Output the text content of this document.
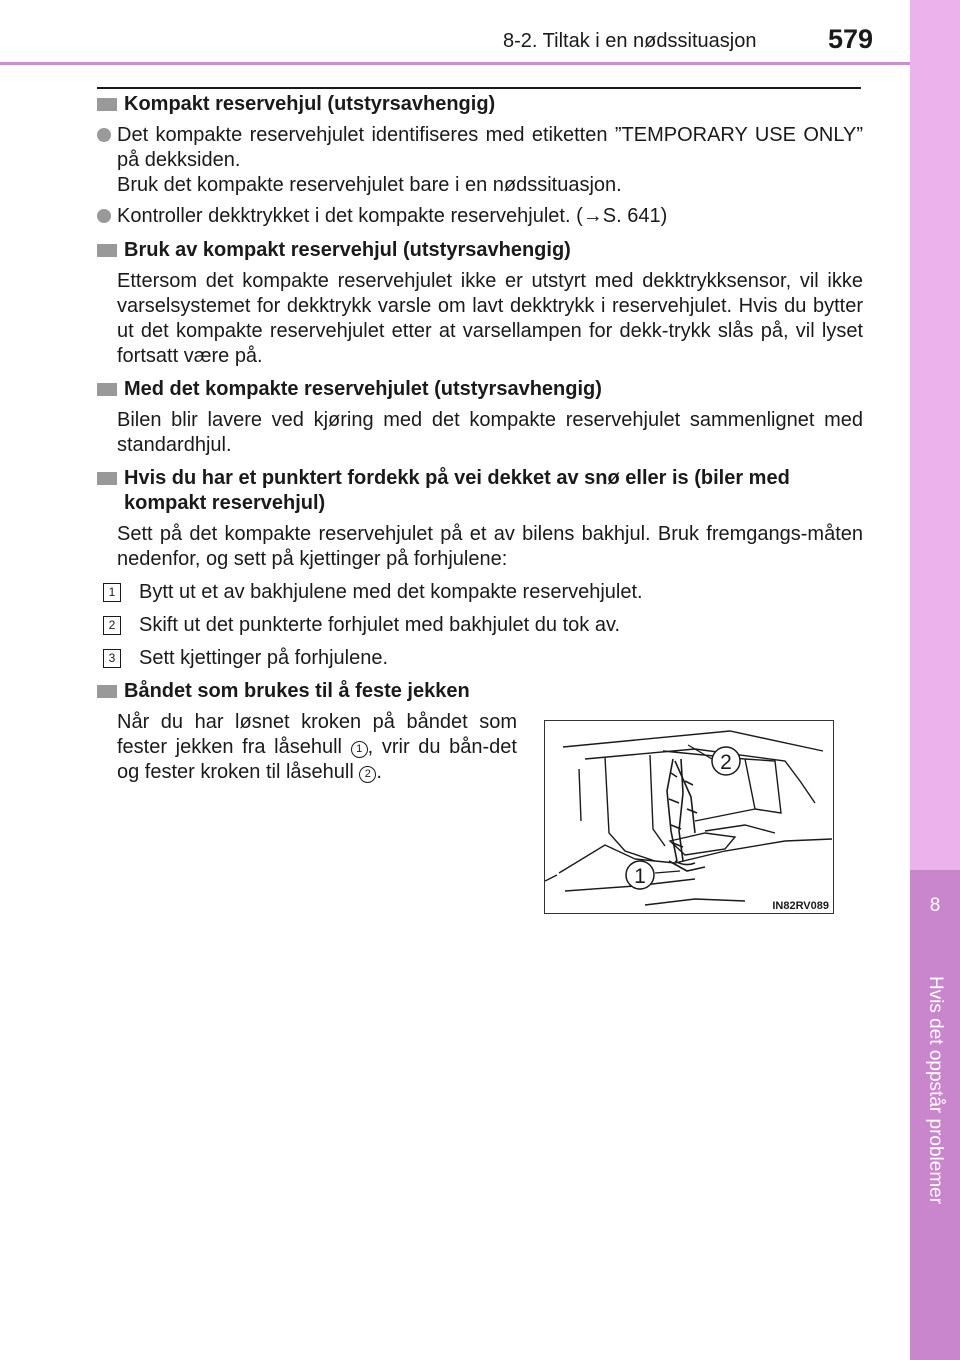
8-2. Tiltak i en nødssituasjon	579
8
Hvis det oppstår problemer
Kompakt reservehjul (utstyrsavhengig)
Det kompakte reservehjulet identifiseres med etiketten ”TEMPORARY USE ONLY” på dekksiden.
Bruk det kompakte reservehjulet bare i en nødssituasjon.
Kontroller dekktrykket i det kompakte reservehjulet. (→S. 641)
Bruk av kompakt reservehjul (utstyrsavhengig)
Ettersom det kompakte reservehjulet ikke er utstyrt med dekktrykksensor, vil ikke varselsystemet for dekktrykk varsle om lavt dekktrykk i reservehjulet. Hvis du bytter ut det kompakte reservehjulet etter at varsellampen for dekk-trykk slås på, vil lyset fortsatt være på.
Med det kompakte reservehjulet (utstyrsavhengig)
Bilen blir lavere ved kjøring med det kompakte reservehjulet sammenlignet med standardhjul.
Hvis du har et punktert fordekk på vei dekket av snø eller is (biler med kompakt reservehjul)
Sett på det kompakte reservehjulet på et av bilens bakhjul. Bruk fremgangs-måten nedenfor, og sett på kjettinger på forhjulene:
1 Bytt ut et av bakhjulene med det kompakte reservehjulet.
2 Skift ut det punkterte forhjulet med bakhjulet du tok av.
3 Sett kjettinger på forhjulene.
Båndet som brukes til å feste jekken
Når du har løsnet kroken på båndet som fester jekken fra låsehull 1 , vrir du bån-det og fester kroken til låsehull 2 .	2
1
IN82RV089
